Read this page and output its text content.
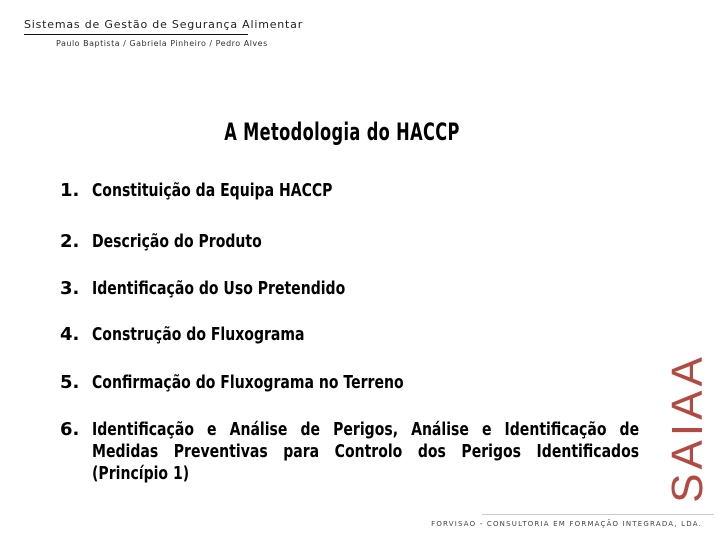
Sistemas de Gestão de Segurança Alimentar
Paulo Baptista / Gabriela Pinheiro / Pedro Alves
A Metodologia do HACCP
1. Constituição da Equipa HACCP
2. Descrição do Produto
3. Identificação do Uso Pretendido
4. Construção do Fluxograma
5. Confirmação do Fluxograma no Terreno
6. Identificação e Análise de Perigos, Análise e Identificação de Medidas Preventivas para Controlo dos Perigos Identificados (Princípio 1)	SAIAA
FORVISAO - CONSULTORIA EM FORMAÇÃO INTEGRADA, LDA.
